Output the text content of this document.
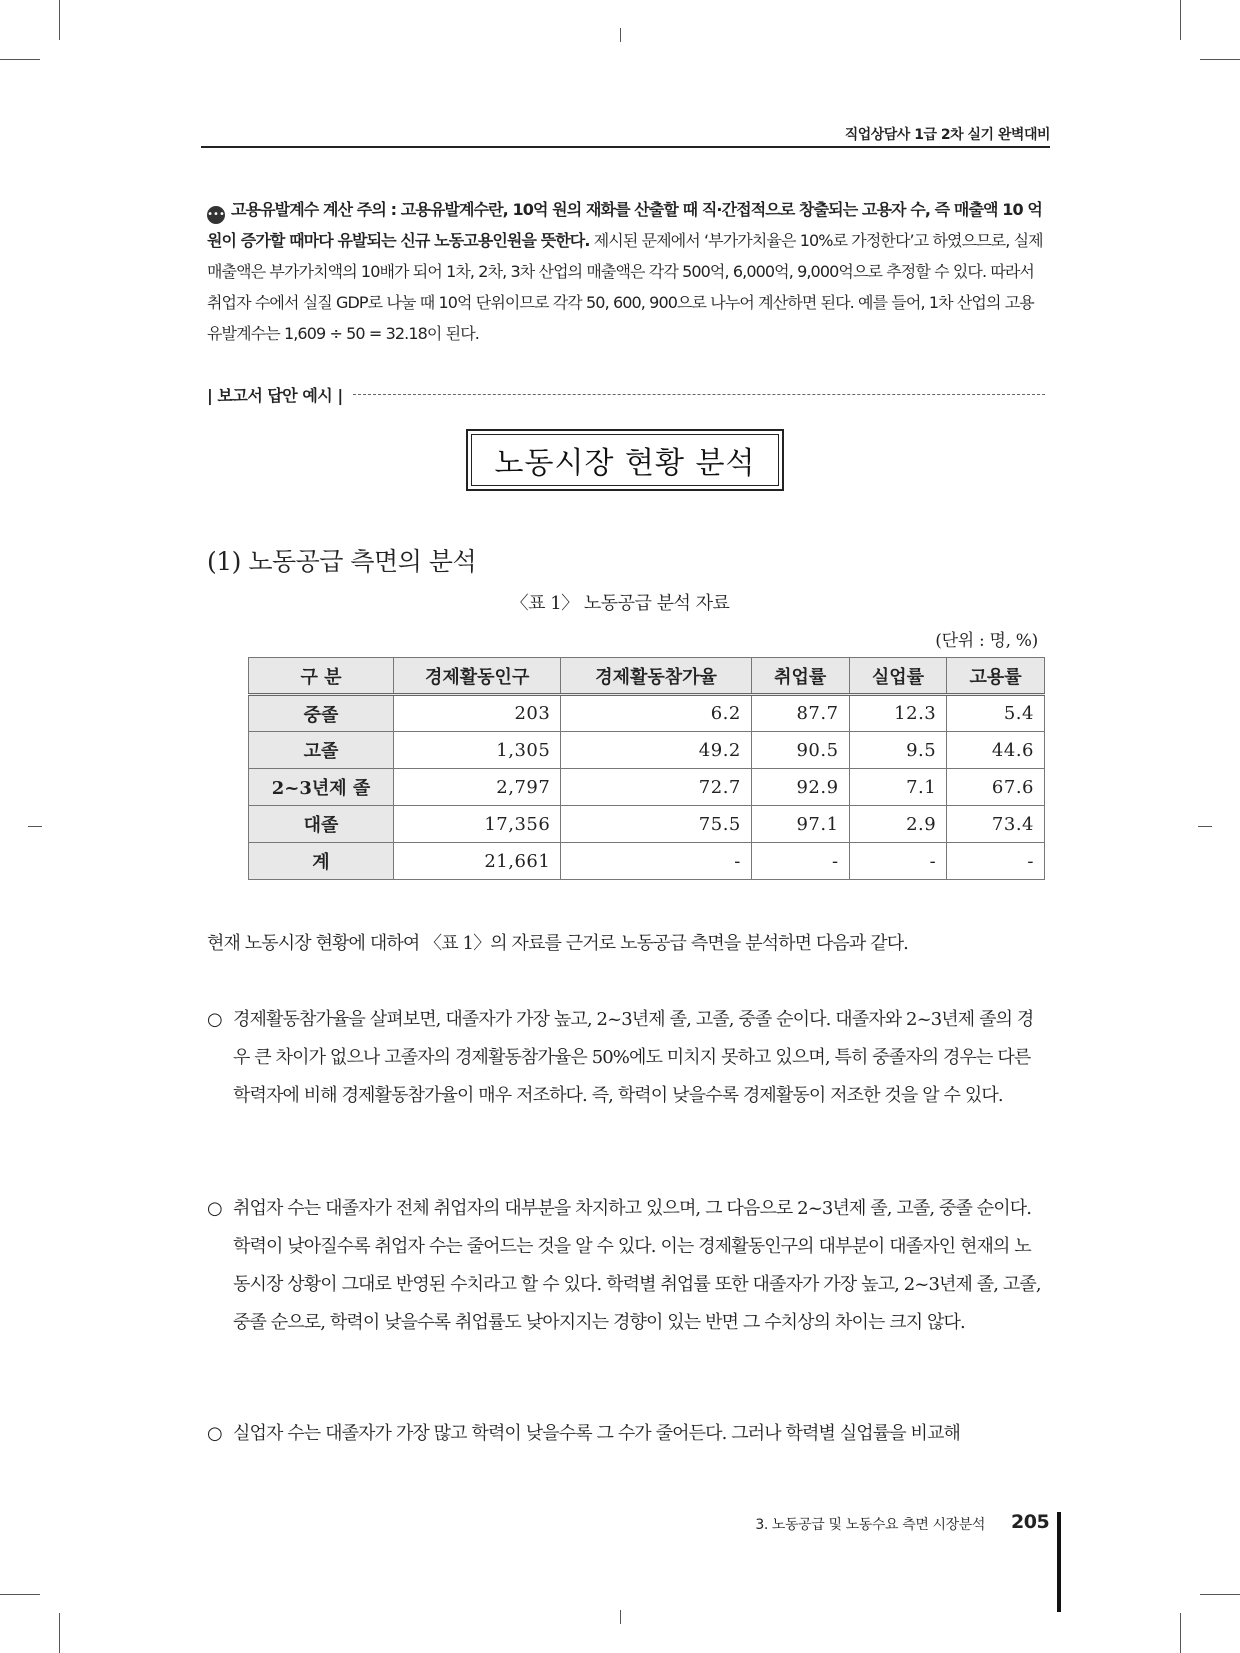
직업상담사 1급 2차 실기 완벽대비
••• 고용유발계수 계산 주의 : 고용유발계수란, 10억 원의 재화를 산출할 때 직·간접적으로 창출되는 고용자 수, 즉 매출액 10 억 원이 증가할 때마다 유발되는 신규 노동고용인원을 뜻한다. 제시된 문제에서 ‘부가가치율은 10%로 가정한다’고 하였으므로, 실제 매출액은 부가가치액의 10배가 되어 1차, 2차, 3차 산업의 매출액은 각각 500억, 6,000억, 9,000억으로 추정할 수 있다. 따라서 취업자 수에서 실질 GDP로 나눌 때 10억 단위이므로 각각 50, 600, 900으로 나누어 계산하면 된다. 예를 들어, 1차 산업의 고용유발계수는 1,609 ÷ 50 = 32.18이 된다.
| 보고서 답안 예시 |
노동시장 현황 분석
(1) 노동공급 측면의 분석
〈표 1〉 노동공급 분석 자료
(단위 : 명, %)
구 분	경제활동인구	경제활동참가율	취업률	실업률	고용률
중졸	203	6.2	87.7	12.3	5.4
고졸	1,305	49.2	90.5	9.5	44.6
2~3년제 졸	2,797	72.7	92.9	7.1	67.6
대졸	17,356	75.5	97.1	2.9	73.4
계	21,661	-	-	-	-
현재 노동시장 현황에 대하여 〈표 1〉의 자료를 근거로 노동공급 측면을 분석하면 다음과 같다.
○ 경제활동참가율을 살펴보면, 대졸자가 가장 높고, 2~3년제 졸, 고졸, 중졸 순이다. 대졸자와 2~3년제 졸의 경우 큰 차이가 없으나 고졸자의 경제활동참가율은 50%에도 미치지 못하고 있으며, 특히 중졸자의 경우는 다른 학력자에 비해 경제활동참가율이 매우 저조하다. 즉, 학력이 낮을수록 경제활동이 저조한 것을 알 수 있다.
○ 취업자 수는 대졸자가 전체 취업자의 대부분을 차지하고 있으며, 그 다음으로 2~3년제 졸, 고졸, 중졸 순이다. 학력이 낮아질수록 취업자 수는 줄어드는 것을 알 수 있다. 이는 경제활동인구의 대부분이 대졸자인 현재의 노동시장 상황이 그대로 반영된 수치라고 할 수 있다. 학력별 취업률 또한 대졸자가 가장 높고, 2~3년제 졸, 고졸, 중졸 순으로, 학력이 낮을수록 취업률도 낮아지지는 경향이 있는 반면 그 수치상의 차이는 크지 않다.
○ 실업자 수는 대졸자가 가장 많고 학력이 낮을수록 그 수가 줄어든다. 그러나 학력별 실업률을 비교해
3. 노동공급 및 노동수요 측면 시장분석 205
